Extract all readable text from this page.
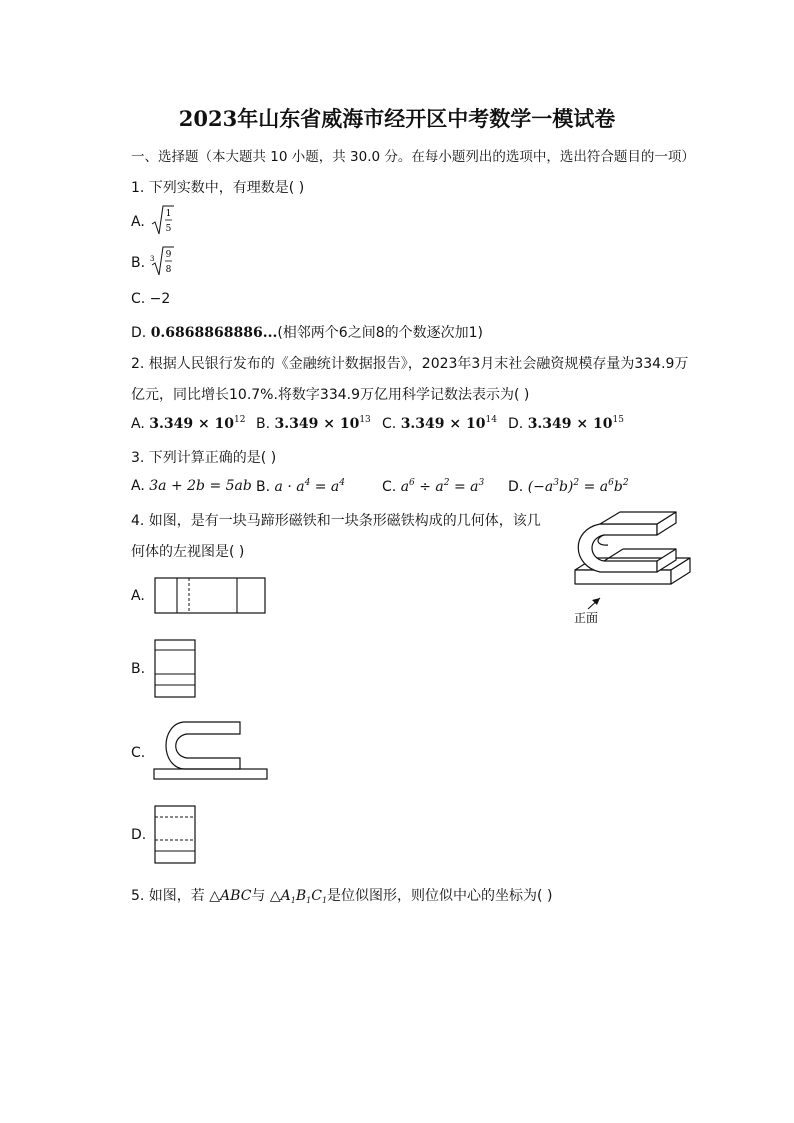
2023年山东省威海市经开区中考数学一模试卷
一、选择题（本大题共 10 小题，共 30.0 分。在每小题列出的选项中，选出符合题目的一项）
1. 下列实数中，有理数是( )
A. 1
5
B. 3 9
8
C. −2
D. 0.6868868886...(相邻两个6之间8的个数逐次加1)
2. 根据人民银行发布的《金融统计数据报告》，2023年3月末社会融资规模存量为334.9万
亿元，同比增长10.7%.将数字334.9万亿用科学记数法表示为( )
A. $3.349 \times 10^{12}$ B. $3.349 \times 10^{13}$ C. $3.349 \times 10^{14}$ D. $3.349 \times 10^{15}$
3. 下列计算正确的是( )
A. 3a + 2b = 5ab B. $a \cdot a^4 = a^4$	C. $a^6 \div a^2 = a^3$ D. $(-a^3b)^2 = a^6b^2$
4. 如图，是有一块马蹄形磁铁和一块条形磁铁构成的几何体，该几
何体的左视图是( )
正面
A.
B.
C.
D.
5. 如图，若 △ABC与 $\triangle A_1B_1C_1$是位似图形，则位似中心的坐标为( )
